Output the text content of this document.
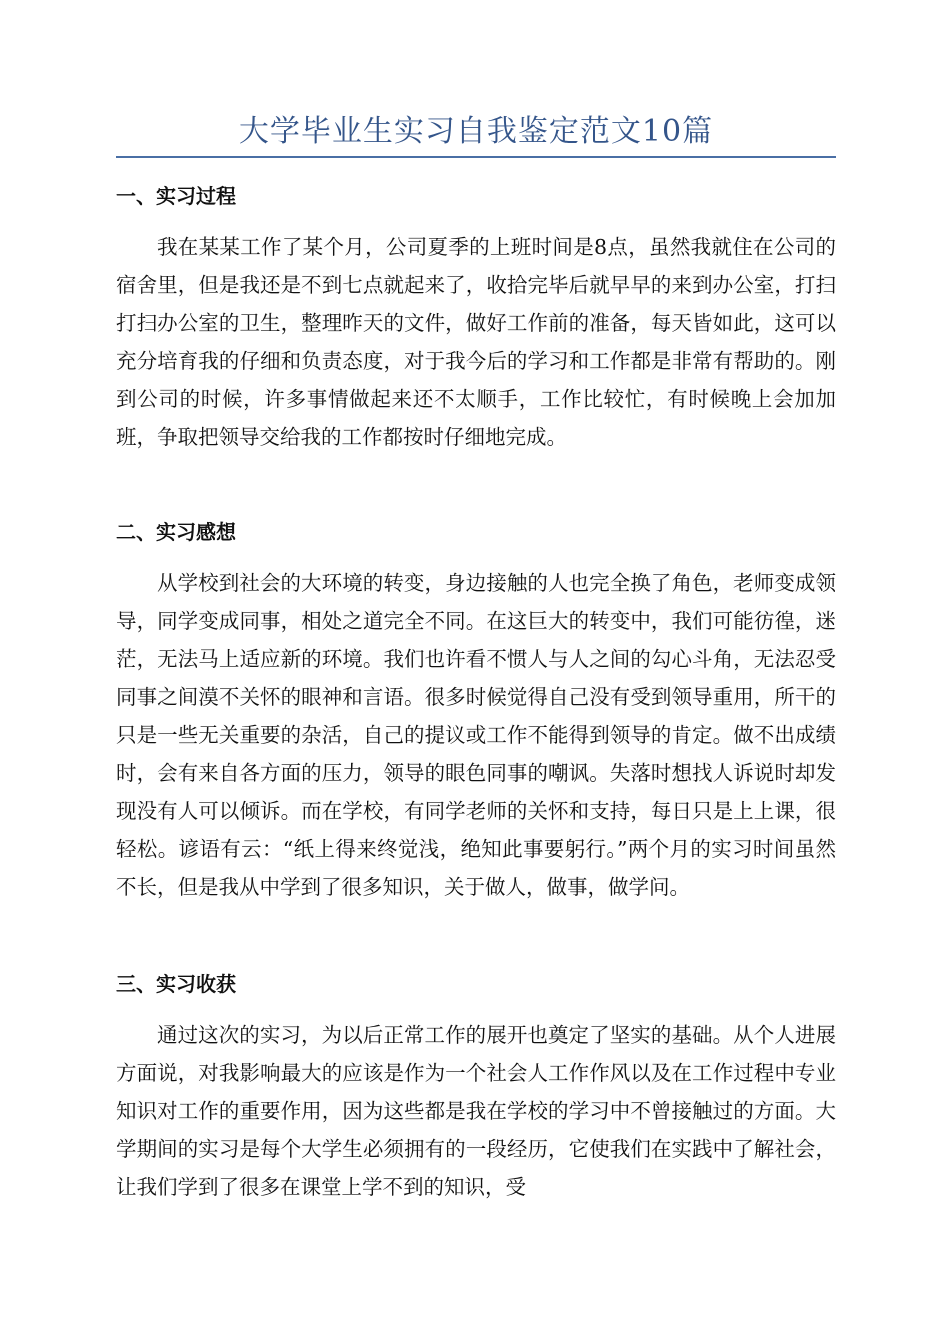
大学毕业生实习自我鉴定范文10篇
一、实习过程

我在某某工作了某个月，公司夏季的上班时间是8点，虽然我就住在公司的宿舍里，但是我还是不到七点就起来了，收拾完毕后就早早的来到办公室，打扫打扫办公室的卫生，整理昨天的文件，做好工作前的准备，每天皆如此，这可以充分培育我的仔细和负责态度，对于我今后的学习和工作都是非常有帮助的。刚到公司的时候，许多事情做起来还不太顺手，工作比较忙，有时候晚上会加加班，争取把领导交给我的工作都按时仔细地完成。

二、实习感想

从学校到社会的大环境的转变，身边接触的人也完全换了角色，老师变成领导，同学变成同事，相处之道完全不同。在这巨大的转变中，我们可能彷徨，迷茫，无法马上适应新的环境。我们也许看不惯人与人之间的勾心斗角，无法忍受同事之间漠不关怀的眼神和言语。很多时候觉得自己没有受到领导重用，所干的只是一些无关重要的杂活，自己的提议或工作不能得到领导的肯定。做不出成绩时，会有来自各方面的压力，领导的眼色同事的嘲讽。失落时想找人诉说时却发现没有人可以倾诉。而在学校，有同学老师的关怀和支持，每日只是上上课，很轻松。谚语有云：“纸上得来终觉浅，绝知此事要躬行。”两个月的实习时间虽然不长，但是我从中学到了很多知识，关于做人，做事，做学问。

三、实习收获

通过这次的实习，为以后正常工作的展开也奠定了坚实的基础。从个人进展方面说，对我影响最大的应该是作为一个社会人工作作风以及在工作过程中专业知识对工作的重要作用，因为这些都是我在学校的学习中不曾接触过的方面。大学期间的实习是每个大学生必须拥有的一段经历，它使我们在实践中了解社会，让我们学到了很多在课堂上学不到的知识，受
